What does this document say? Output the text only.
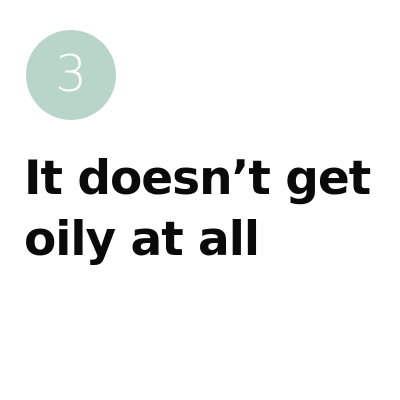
3
It doesn’t get
oily at all
